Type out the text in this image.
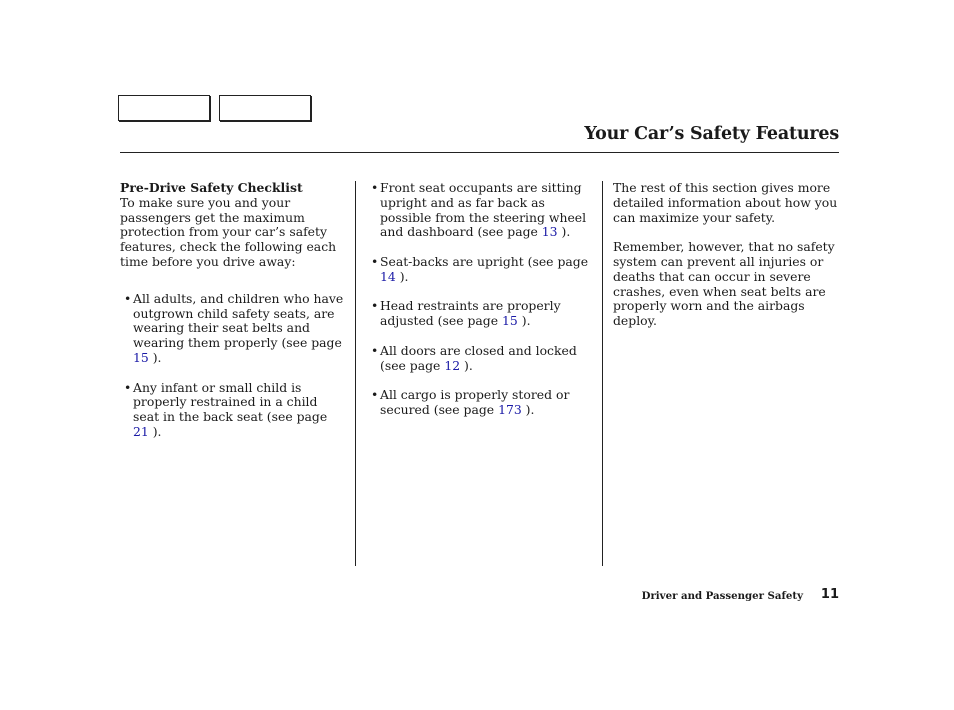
Your Car’s Safety Features
Pre-Drive Safety Checklist

To make sure you and your passengers get the maximum protection from your car’s safety features, check the following each time before you drive away:

• All adults, and children who have outgrown child safety seats, are wearing their seat belts and wearing them properly (see page 15 ).
• Any infant or small child is properly restrained in a child seat in the back seat (see page 21 ).
• Front seat occupants are sitting upright and as far back as possible from the steering wheel and dashboard (see page 13 ).
• Seat-backs are upright (see page 14 ).
• Head restraints are properly adjusted (see page 15 ).
• All doors are closed and locked (see page 12 ).
• All cargo is properly stored or secured (see page 173 ).

The rest of this section gives more detailed information about how you can maximize your safety.

Remember, however, that no safety system can prevent all injuries or deaths that can occur in severe crashes, even when seat belts are properly worn and the airbags deploy.

Driver and Passenger Safety 11
